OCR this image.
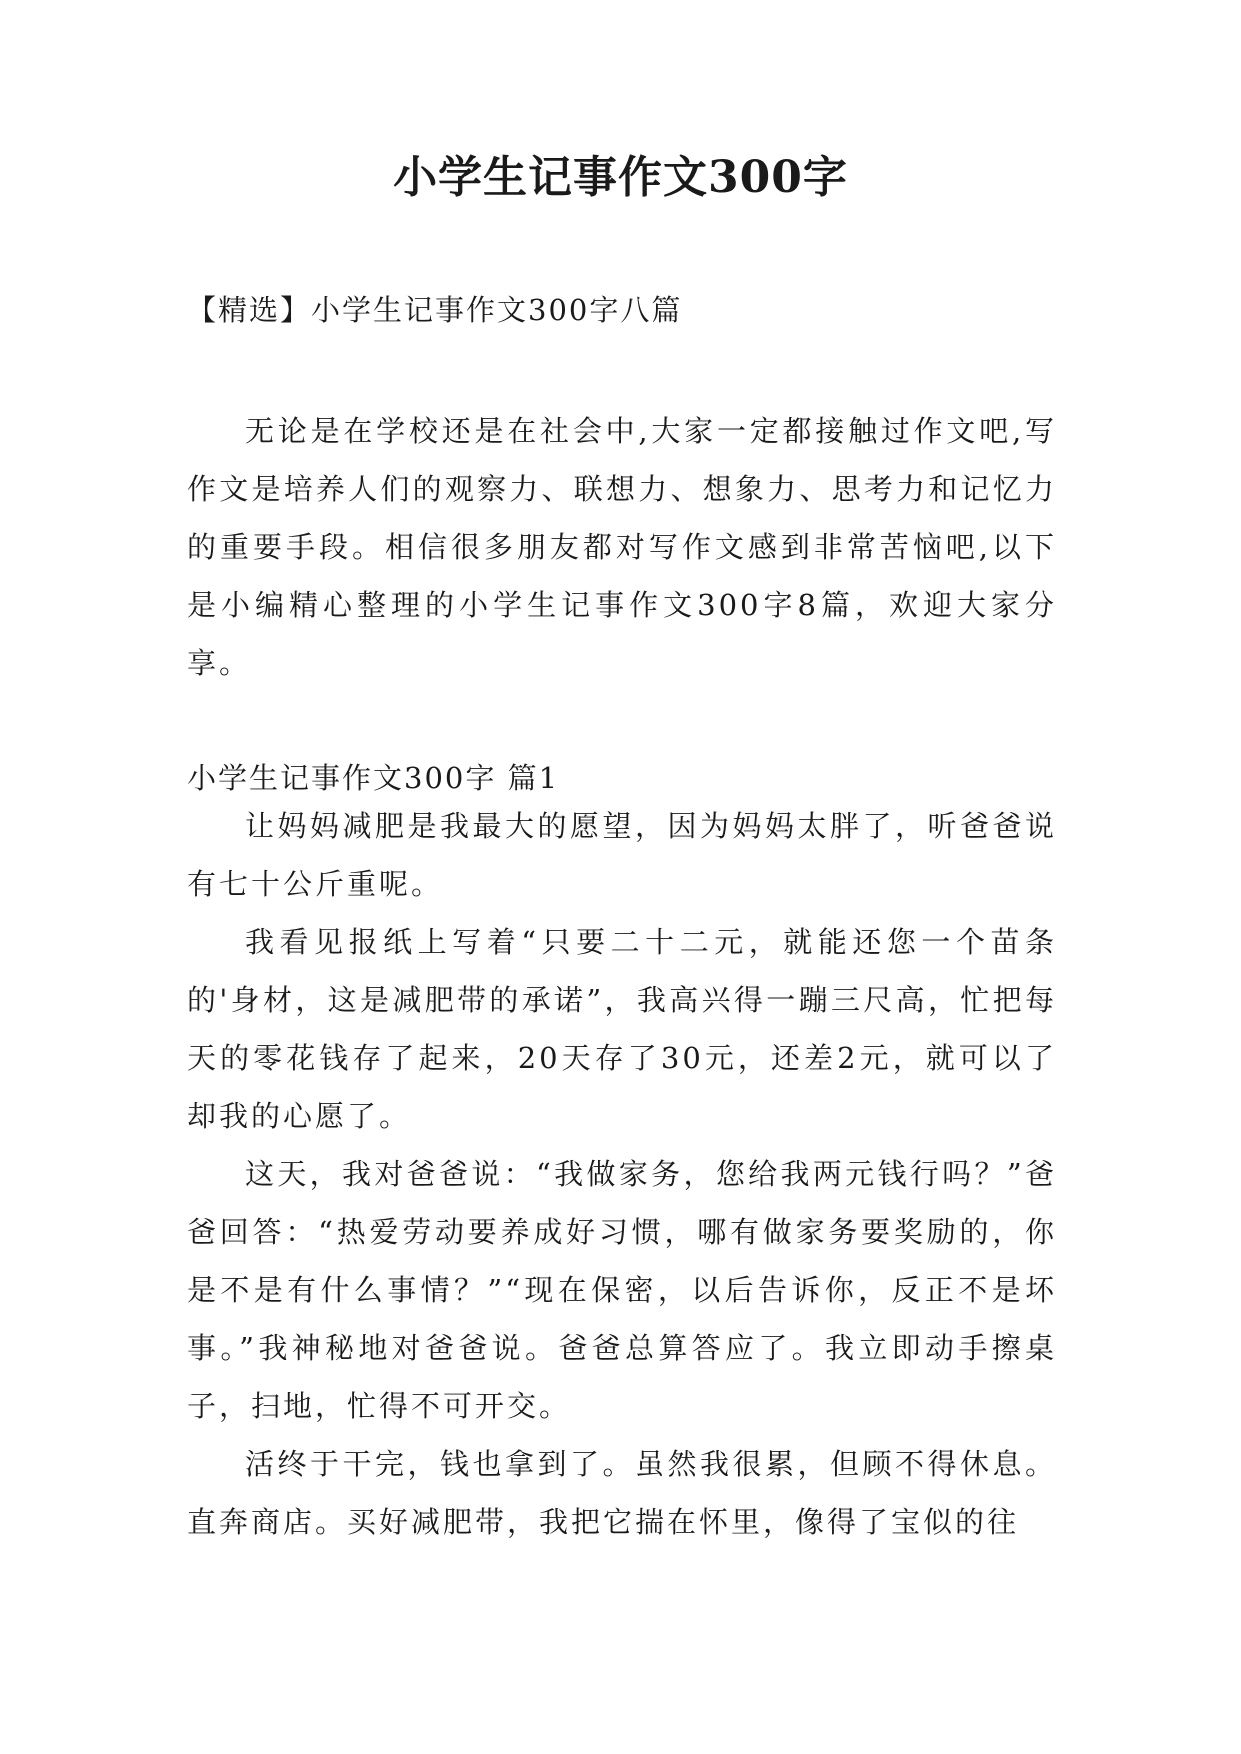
小学生记事作文300字
【精选】小学生记事作文300字八篇

无论是在学校还是在社会中,大家一定都接触过作文吧,写作文是培养人们的观察力、联想力、想象力、思考力和记忆力的重要手段。相信很多朋友都对写作文感到非常苦恼吧,以下是小编精心整理的小学生记事作文300字8篇，欢迎大家分享。

小学生记事作文300字 篇1

让妈妈减肥是我最大的愿望，因为妈妈太胖了，听爸爸说有七十公斤重呢。

我看见报纸上写着“只要二十二元，就能还您一个苗条的'身材，这是减肥带的承诺”，我高兴得一蹦三尺高，忙把每天的零花钱存了起来，20天存了30元，还差2元，就可以了却我的心愿了。

这天，我对爸爸说：“我做家务，您给我两元钱行吗？”爸爸回答：“热爱劳动要养成好习惯，哪有做家务要奖励的，你是不是有什么事情？”“现在保密，以后告诉你，反正不是坏事。”我神秘地对爸爸说。爸爸总算答应了。我立即动手擦桌子，扫地，忙得不可开交。

活终于干完，钱也拿到了。虽然我很累，但顾不得休息。直奔商店。买好减肥带，我把它揣在怀里，像得了宝似的往
